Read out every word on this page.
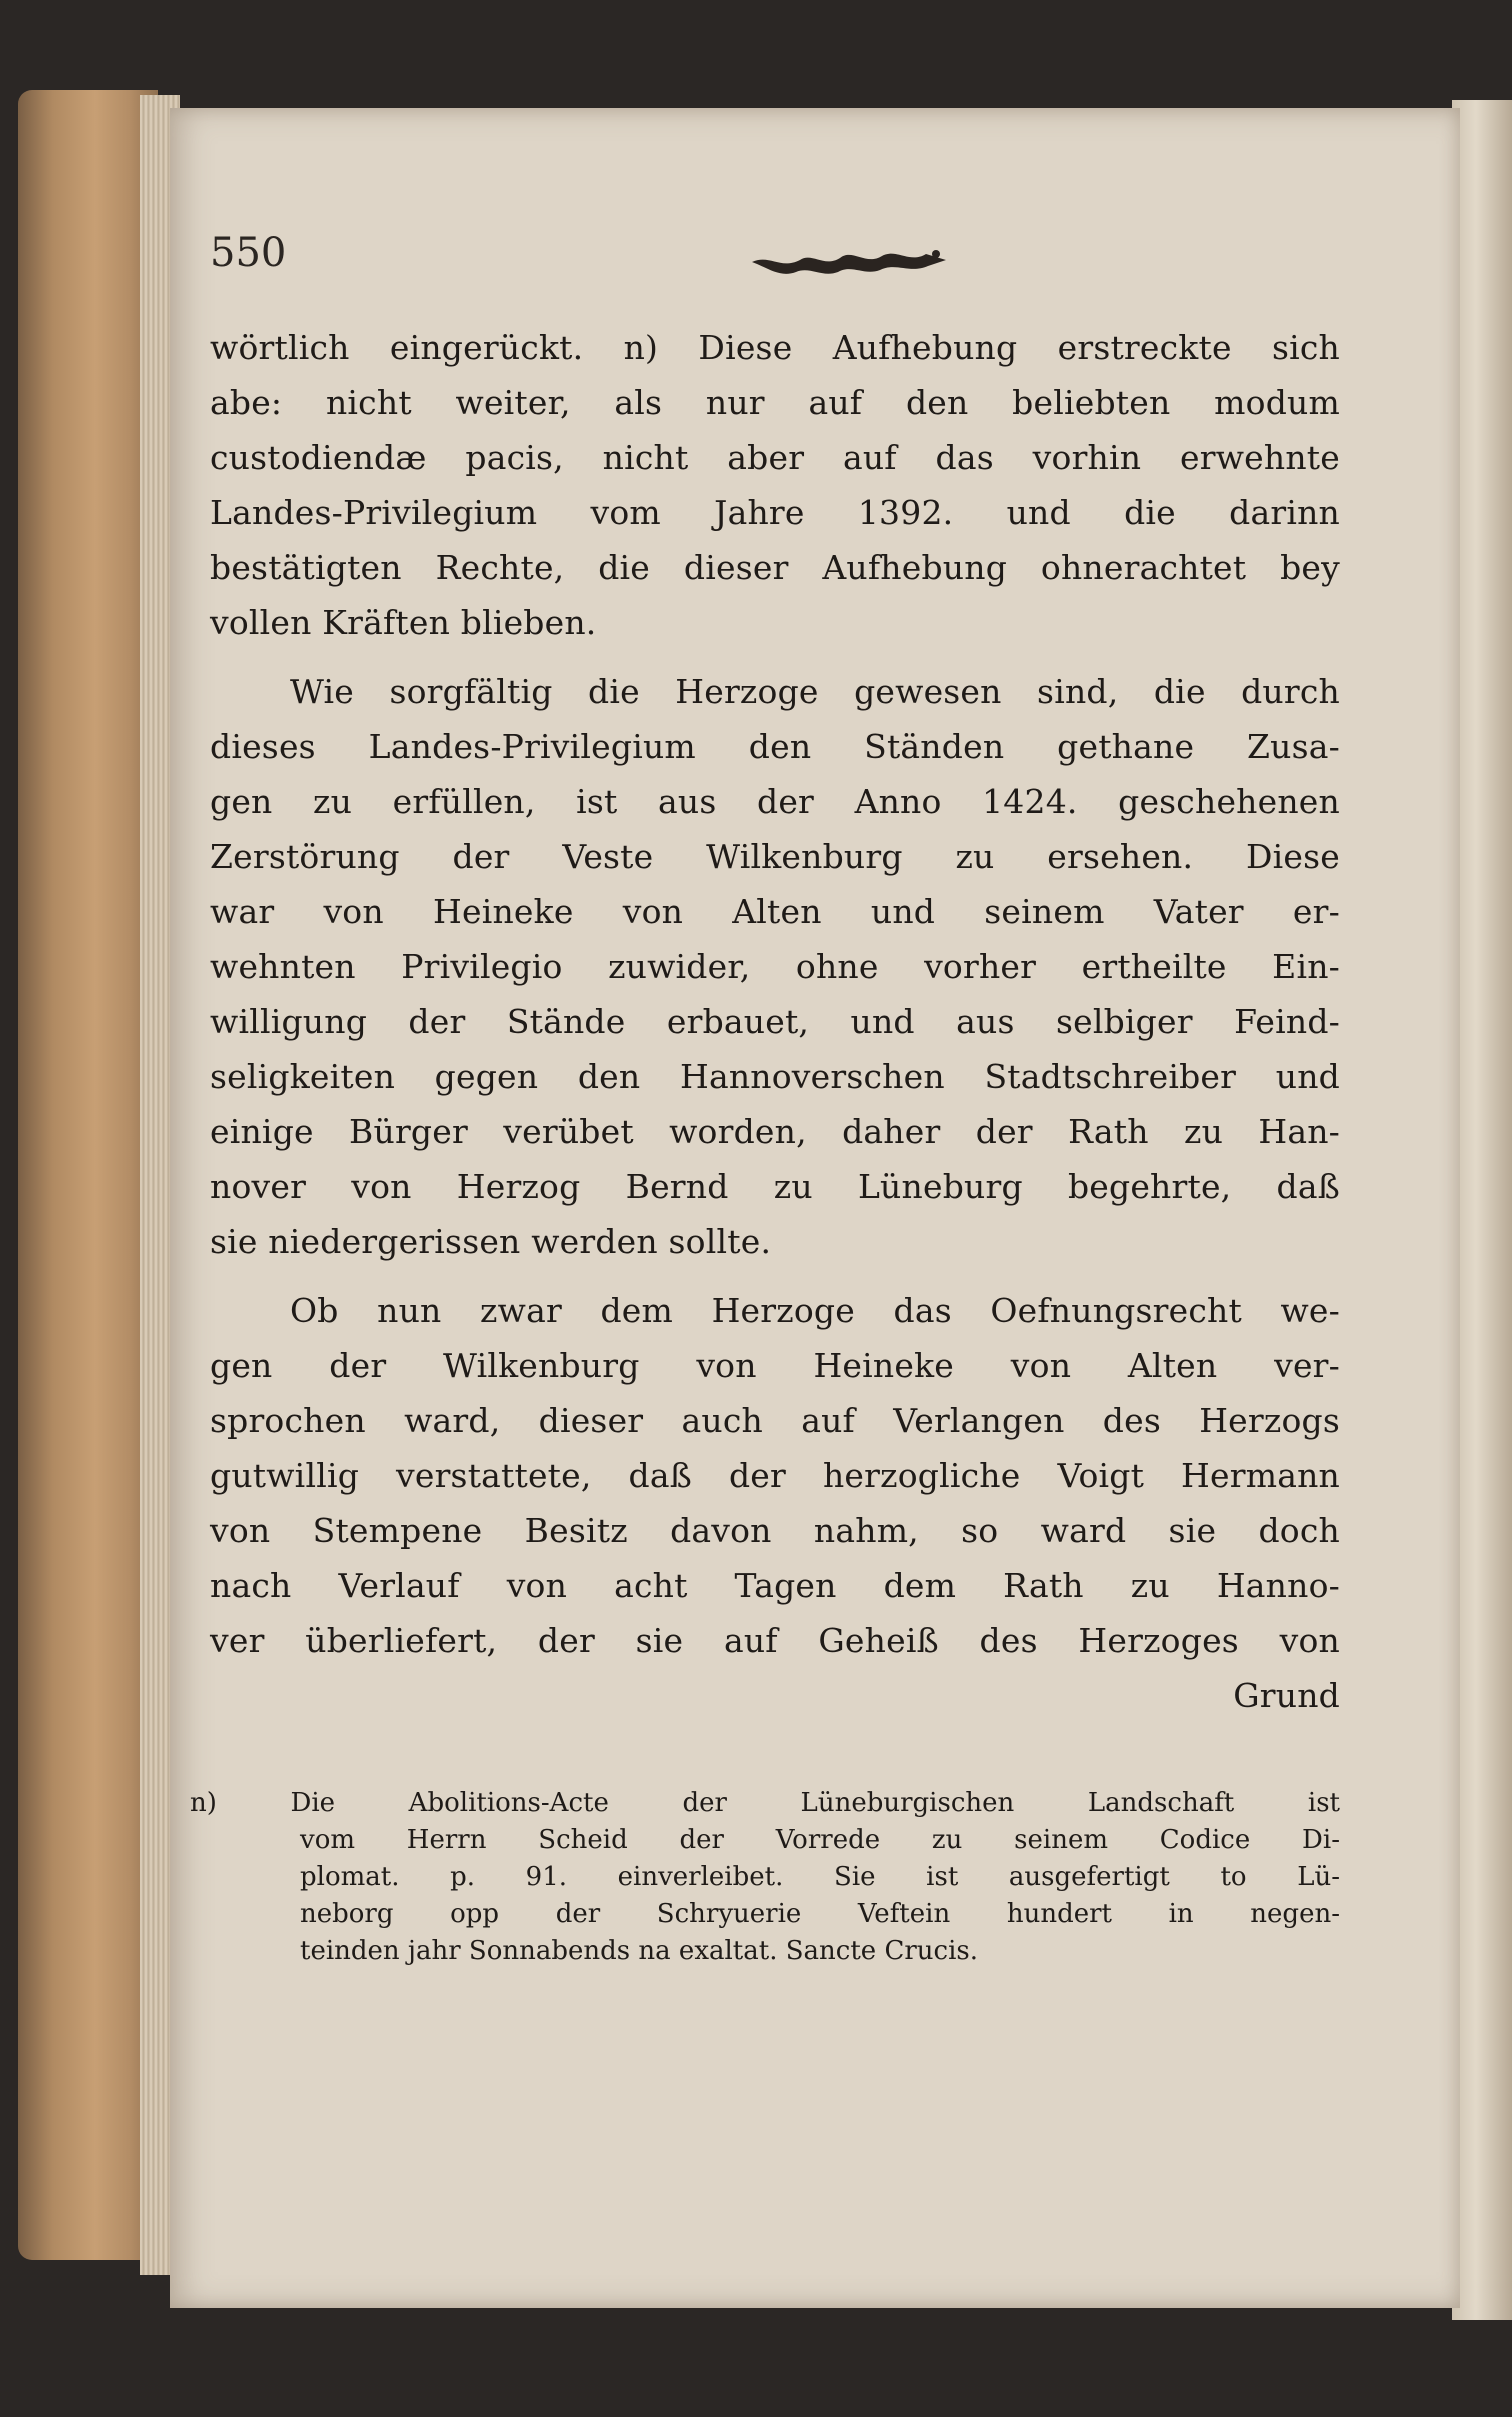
550
wörtlich eingerückt. n) Diese Aufhebung erstreckte sich
abe: nicht weiter, als nur auf den beliebten modum
custodiendæ pacis, nicht aber auf das vorhin erwehnte
Landes-Privilegium vom Jahre 1392. und die darinn
bestätigten Rechte, die dieser Aufhebung ohnerachtet bey
vollen Kräften blieben.
Wie sorgfältig die Herzoge gewesen sind, die durch
dieses Landes-Privilegium den Ständen gethane Zusa-
gen zu erfüllen, ist aus der Anno 1424. geschehenen
Zerstörung der Veste Wilkenburg zu ersehen. Diese
war von Heineke von Alten und seinem Vater er-
wehnten Privilegio zuwider, ohne vorher ertheilte Ein-
willigung der Stände erbauet, und aus selbiger Feind-
seligkeiten gegen den Hannoverschen Stadtschreiber und
einige Bürger verübet worden, daher der Rath zu Han-
nover von Herzog Bernd zu Lüneburg begehrte, daß
sie niedergerissen werden sollte.
Ob nun zwar dem Herzoge das Oefnungsrecht we-
gen der Wilkenburg von Heineke von Alten ver-
sprochen ward, dieser auch auf Verlangen des Herzogs
gutwillig verstattete, daß der herzogliche Voigt Hermann
von Stempene Besitz davon nahm, so ward sie doch
nach Verlauf von acht Tagen dem Rath zu Hanno-
ver überliefert, der sie auf Geheiß des Herzoges von
Grund
n) Die Abolitions-Acte der Lüneburgischen Landschaft ist
vom Herrn Scheid der Vorrede zu seinem Codice Di-
plomat. p. 91. einverleibet. Sie ist ausgefertigt to Lü-
neborg opp der Schryuerie Veftein hundert in negen-
teinden jahr Sonnabends na exaltat. Sancte Crucis.
